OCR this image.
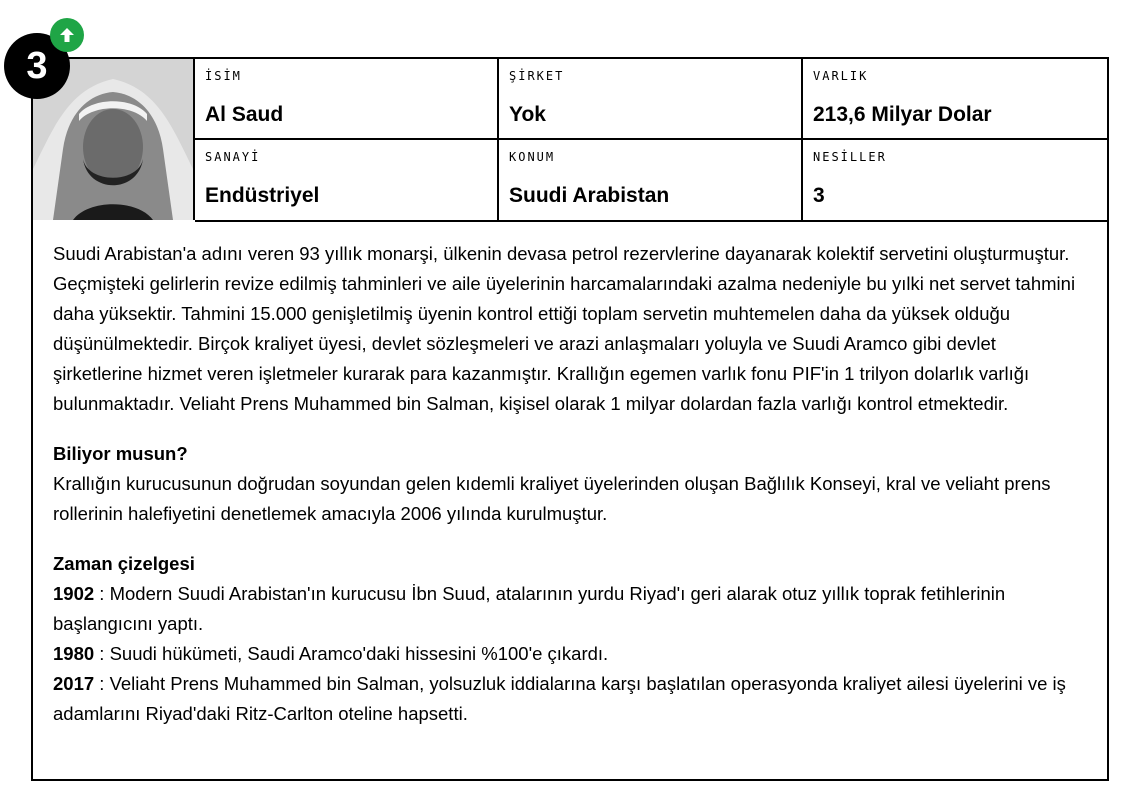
İSİM
Al Saud
ŞİRKET
Yok
VARLIK
213,6 Milyar Dolar
SANAYİ
Endüstriyel
KONUM
Suudi Arabistan
NESİLLER
3

Suudi Arabistan'a adını veren 93 yıllık monarşi, ülkenin devasa petrol rezervlerine dayanarak kolektif servetini oluşturmuştur. Geçmişteki gelirlerin revize edilmiş tahminleri ve aile üyelerinin harcamalarındaki azalma nedeniyle bu yılki net servet tahmini daha yüksektir. Tahmini 15.000 genişletilmiş üyenin kontrol ettiği toplam servetin muhtemelen daha da yüksek olduğu düşünülmektedir. Birçok kraliyet üyesi, devlet sözleşmeleri ve arazi anlaşmaları yoluyla ve Suudi Aramco gibi devlet şirketlerine hizmet veren işletmeler kurarak para kazanmıştır. Krallığın egemen varlık fonu PIF'in 1 trilyon dolarlık varlığı bulunmaktadır. Veliaht Prens Muhammed bin Salman, kişisel olarak 1 milyar dolardan fazla varlığı kontrol etmektedir.

Biliyor musun?

Krallığın kurucusunun doğrudan soyundan gelen kıdemli kraliyet üyelerinden oluşan Bağlılık Konseyi, kral ve veliaht prens rollerinin halefiyetini denetlemek amacıyla 2006 yılında kurulmuştur.

Zaman çizelgesi

1902 : Modern Suudi Arabistan'ın kurucusu İbn Suud, atalarının yurdu Riyad'ı geri alarak otuz yıllık toprak fetihlerinin başlangıcını yaptı.

1980 : Suudi hükümeti, Saudi Aramco'daki hissesini %100'e çıkardı.

2017 : Veliaht Prens Muhammed bin Salman, yolsuzluk iddialarına karşı başlatılan operasyonda kraliyet ailesi üyelerini ve iş adamlarını Riyad'daki Ritz-Carlton oteline hapsetti.

3
